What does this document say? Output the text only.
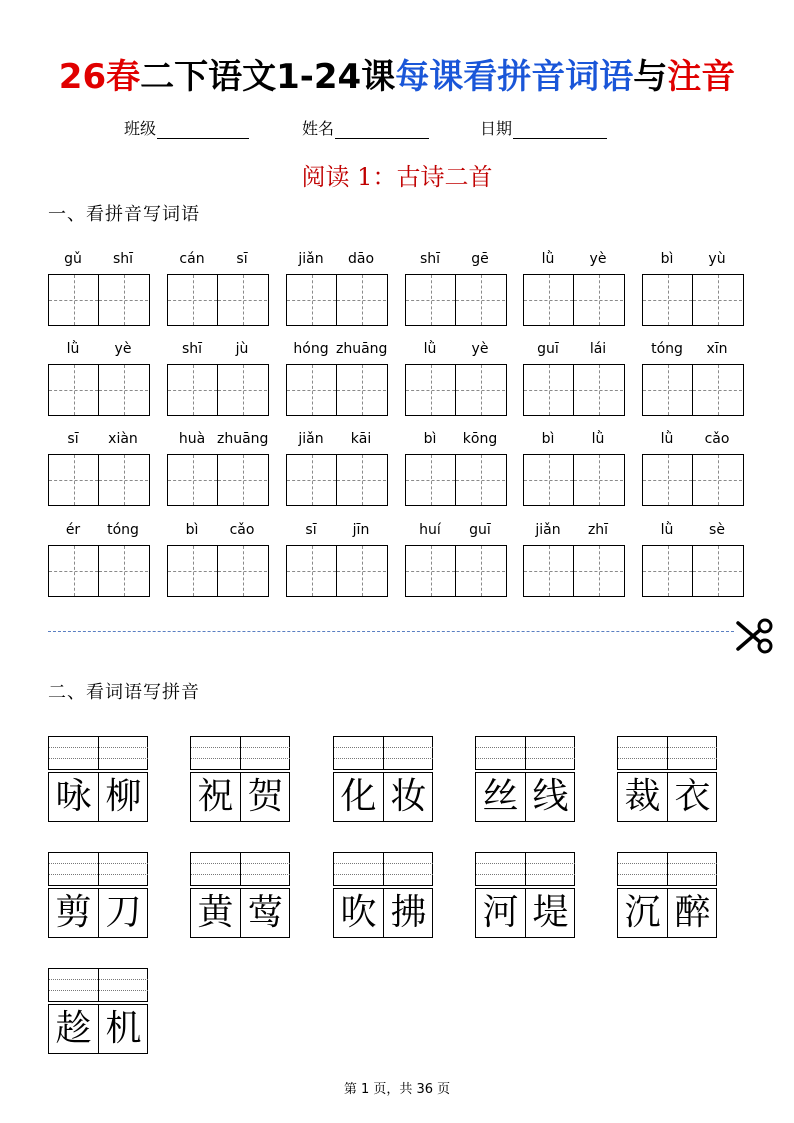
26春二下语文1-24课每课看拼音词语与注音
班级	姓名	日期
阅读 1：古诗二首
一、看拼音写词语
gǔ	shī	cán	sī	jiǎn	dāo	shī	gē	lǜ	yè	bì	yù
lǜ	yè	shī	jù	hóng zhuāng	lǜ	yè	guī	lái	tóng	xīn
sī	xiàn	huà zhuāng	jiǎn	kāi	bì	kōng	bì	lǜ	lǜ	cǎo
ér	tóng	bì	cǎo	sī	jīn	huí	guī	jiǎn	zhī	lǜ	sè
二、看词语写拼音
咏 柳 祝 贺 化 妆 丝 线 裁 衣
剪 刀 黄 莺 吹 拂 河 堤 沉 醉
趁 机
第 1 页，共 36 页
